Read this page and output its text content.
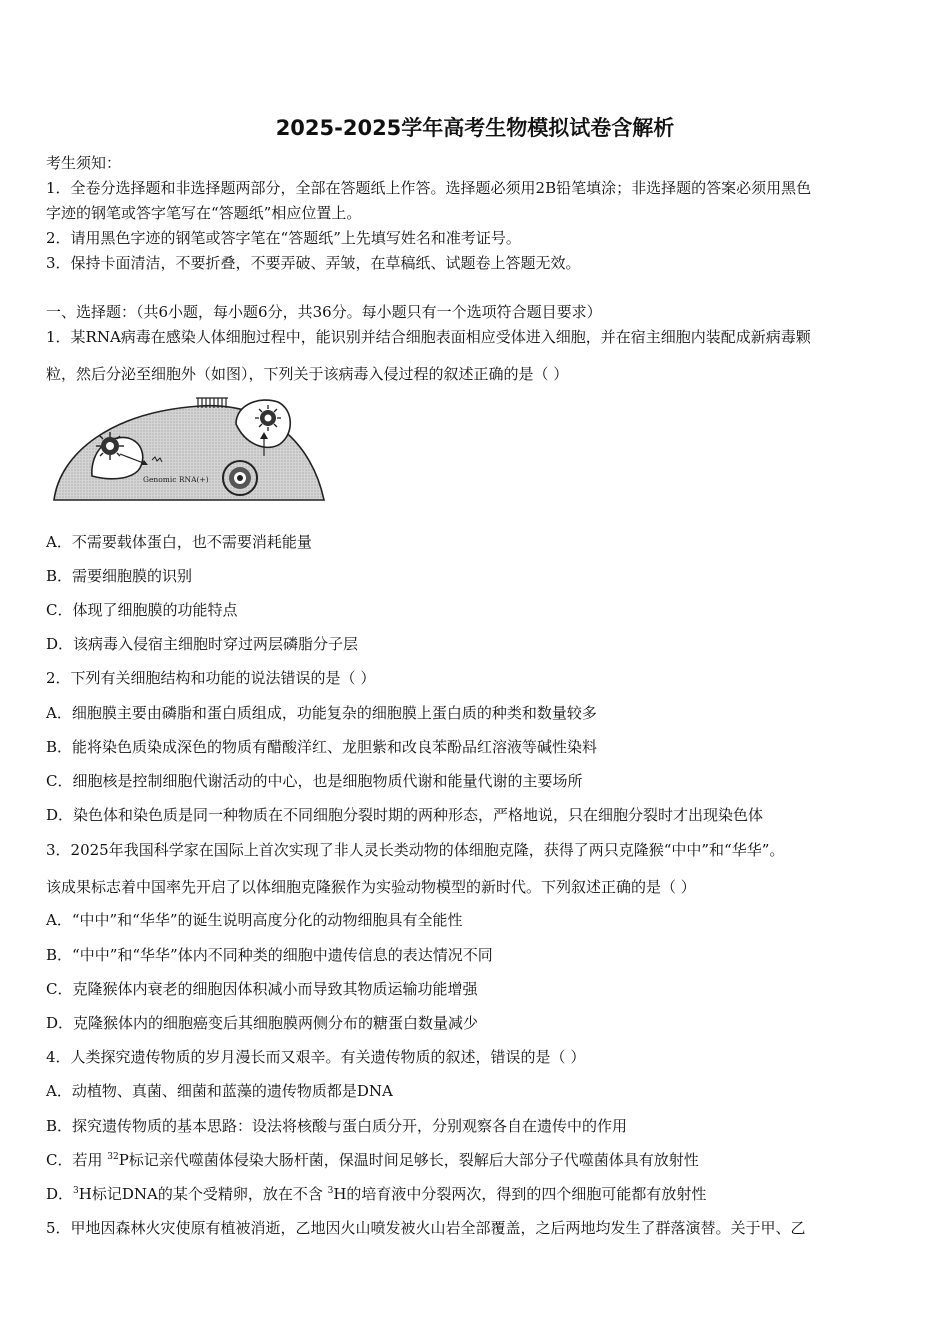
2025-2025学年高考生物模拟试卷含解析
考生须知：
1．全卷分选择题和非选择题两部分，全部在答题纸上作答。选择题必须用2B铅笔填涂；非选择题的答案必须用黑色
字迹的钢笔或答字笔写在“答题纸”相应位置上。
2．请用黑色字迹的钢笔或答字笔在“答题纸”上先填写姓名和准考证号。
3．保持卡面清洁，不要折叠，不要弄破、弄皱，在草稿纸、试题卷上答题无效。
一、选择题：（共6小题，每小题6分，共36分。每小题只有一个选项符合题目要求）
1．某RNA病毒在感染人体细胞过程中，能识别并结合细胞表面相应受体进入细胞，并在宿主细胞内装配成新病毒颗
粒，然后分泌至细胞外（如图），下列关于该病毒入侵过程的叙述正确的是（ ）
Genomic RNA(+)
A．不需要载体蛋白，也不需要消耗能量
B．需要细胞膜的识别
C．体现了细胞膜的功能特点
D．该病毒入侵宿主细胞时穿过两层磷脂分子层
2．下列有关细胞结构和功能的说法错误的是（ ）
A．细胞膜主要由磷脂和蛋白质组成，功能复杂的细胞膜上蛋白质的种类和数量较多
B．能将染色质染成深色的物质有醋酸洋红、龙胆紫和改良苯酚品红溶液等碱性染料
C．细胞核是控制细胞代谢活动的中心，也是细胞物质代谢和能量代谢的主要场所
D．染色体和染色质是同一种物质在不同细胞分裂时期的两种形态，严格地说，只在细胞分裂时才出现染色体
3．2025年我国科学家在国际上首次实现了非人灵长类动物的体细胞克隆，获得了两只克隆猴“中中”和“华华”。
该成果标志着中国率先开启了以体细胞克隆猴作为实验动物模型的新时代。下列叙述正确的是（ ）
A．“中中”和“华华”的诞生说明高度分化的动物细胞具有全能性
B．“中中”和“华华”体内不同种类的细胞中遗传信息的表达情况不同
C．克隆猴体内衰老的细胞因体积减小而导致其物质运输功能增强
D．克隆猴体内的细胞癌变后其细胞膜两侧分布的糖蛋白数量减少
4．人类探究遗传物质的岁月漫长而又艰辛。有关遗传物质的叙述，错误的是（ ）
A．动植物、真菌、细菌和蓝藻的遗传物质都是DNA
B．探究遗传物质的基本思路：设法将核酸与蛋白质分开，分别观察各自在遗传中的作用
C．若用 $^{32}$P标记亲代噬菌体侵染大肠杆菌，保温时间足够长，裂解后大部分子代噬菌体具有放射性
D．$^3$H标记DNA的某个受精卵，放在不含 $^3$H的培育液中分裂两次，得到的四个细胞可能都有放射性
5．甲地因森林火灾使原有植被消逝，乙地因火山喷发被火山岩全部覆盖，之后两地均发生了群落演替。关于甲、乙
